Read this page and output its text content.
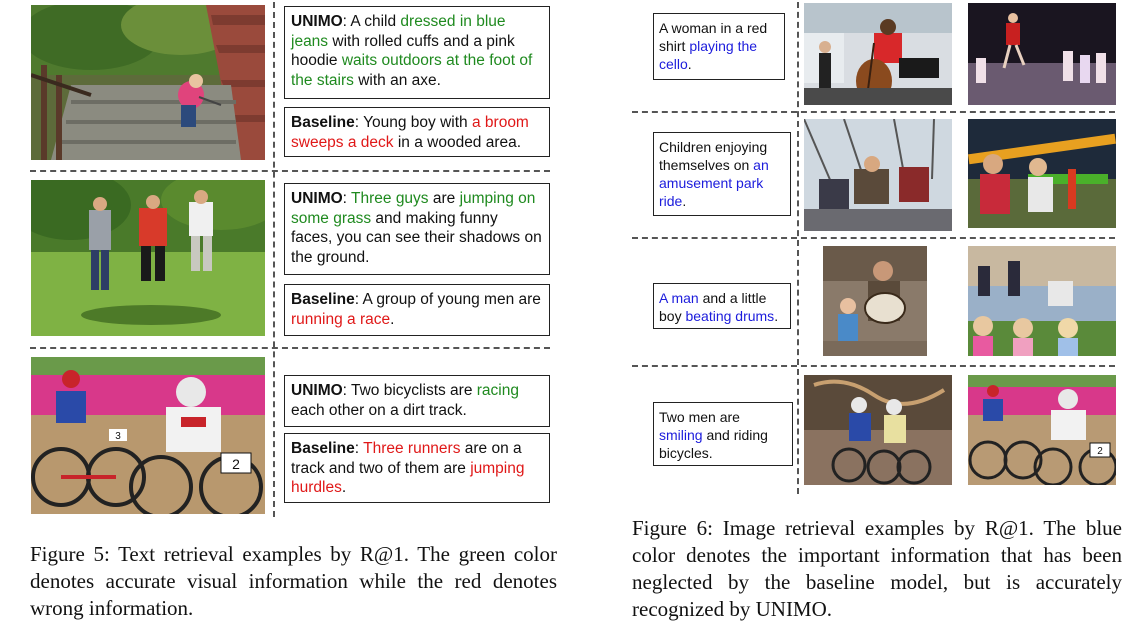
2
3
UNIMO: A child dressed in blue jeans with rolled cuffs and a pink hoodie waits outdoors at the foot of the stairs with an axe.
Baseline: Young boy with a broom sweeps a deck in a wooded area.
UNIMO: Three guys are jumping on some grass and making funny faces, you can see their shadows on the ground.
Baseline: A group of young men are running a race.
UNIMO: Two bicyclists are racing each other on a dirt track.
Baseline: Three runners are on a track and two of them are jumping hurdles.
Figure 5: Text retrieval examples by R@1. The green color denotes accurate visual information while the red denotes wrong information.
A woman in a red shirt playing the cello.
Children enjoying themselves on an amusement park ride.
A man and a little boy beating drums.
Two men are smiling and riding bicycles.	2
Figure 6: Image retrieval examples by R@1. The blue color denotes the important information that has been neglected by the baseline model, but is accurately recognized by UNIMO.
